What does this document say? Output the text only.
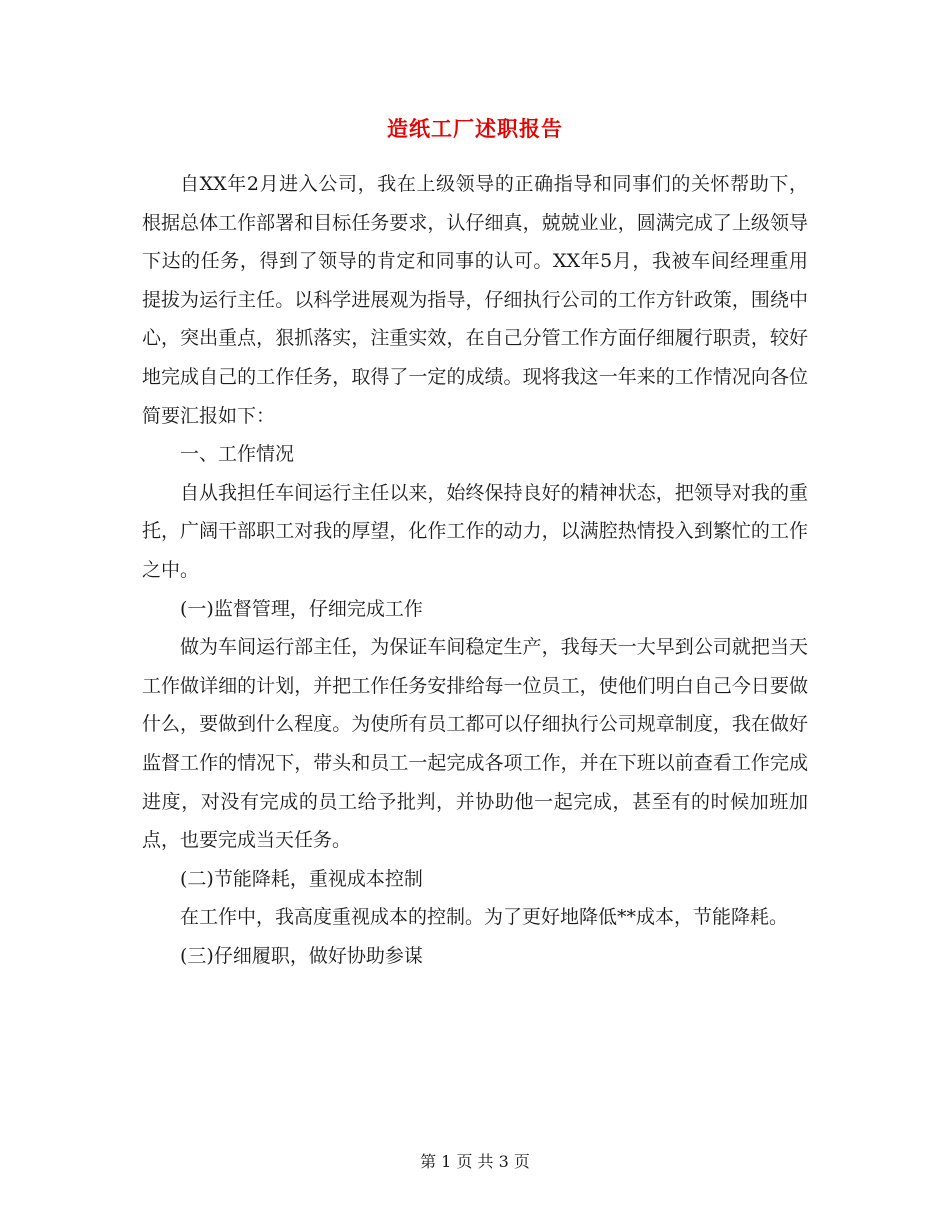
造纸工厂述职报告

自XX年2月进入公司，我在上级领导的正确指导和同事们的关怀帮助下，根据总体工作部署和目标任务要求，认仔细真，兢兢业业，圆满完成了上级领导下达的任务，得到了领导的肯定和同事的认可。XX年5月，我被车间经理重用提拔为运行主任。以科学进展观为指导，仔细执行公司的工作方针政策，围绕中心，突出重点，狠抓落实，注重实效，在自己分管工作方面仔细履行职责，较好地完成自己的工作任务，取得了一定的成绩。现将我这一年来的工作情况向各位简要汇报如下：

一、工作情况

自从我担任车间运行主任以来，始终保持良好的精神状态，把领导对我的重托，广阔干部职工对我的厚望，化作工作的动力，以满腔热情投入到繁忙的工作之中。

(一)监督管理，仔细完成工作

做为车间运行部主任，为保证车间稳定生产，我每天一大早到公司就把当天工作做详细的计划，并把工作任务安排给每一位员工，使他们明白自己今日要做什么，要做到什么程度。为使所有员工都可以仔细执行公司规章制度，我在做好监督工作的情况下，带头和员工一起完成各项工作，并在下班以前查看工作完成进度，对没有完成的员工给予批判，并协助他一起完成，甚至有的时候加班加点，也要完成当天任务。

(二)节能降耗，重视成本控制

在工作中，我高度重视成本的控制。为了更好地降低**成本，节能降耗。

(三)仔细履职，做好协助参谋

第 1 页 共 3 页
